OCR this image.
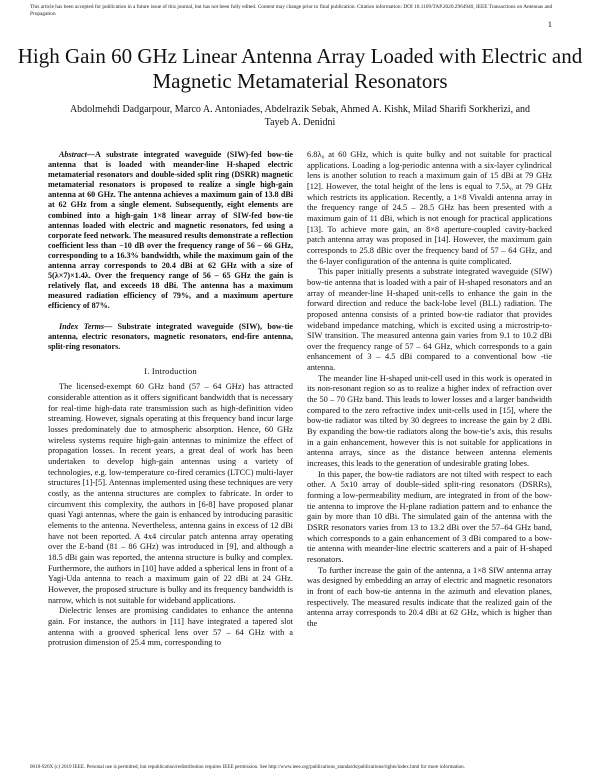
This article has been accepted for publication in a future issue of this journal, but has not been fully edited. Content may change prior to final publication. Citation information: DOI 10.1109/TAP.2020.2964940, IEEE Transactions on Antennas and Propagation
1
High Gain 60 GHz Linear Antenna Array Loaded with Electric and Magnetic Metamaterial Resonators
Abdolmehdi Dadgarpour, Marco A. Antoniades, Abdelrazik Sebak, Ahmed A. Kishk, Milad Sharifi Sorkherizi, and Tayeb A. Denidni

Abstract—A substrate integrated waveguide (SIW)-fed bow-tie antenna that is loaded with meander-line H-shaped electric metamaterial resonators and double-sided split ring (DSRR) magnetic metamaterial resonators is proposed to realize a single high-gain antenna at 60 GHz. The antenna achieves a maximum gain of 13.8 dBi at 62 GHz from a single element. Subsequently, eight elements are combined into a high-gain 1×8 linear array of SIW-fed bow-tie antennas loaded with electric and magnetic resonators, fed using a corporate feed network. The measured results demonstrate a reflection coefficient less than −10 dB over the frequency range of 56 – 66 GHz, corresponding to a 16.3% bandwidth, while the maximum gain of the antenna array corresponds to 20.4 dBi at 62 GHz with a size of 5(λ×7)×1.4λ. Over the frequency range of 56 – 65 GHz the gain is relatively flat, and exceeds 18 dBi. The antenna has a maximum measured radiation efficiency of 79%, and a maximum aperture efficiency of 87%.

Index Terms— Substrate integrated waveguide (SIW), bow-tie antenna, electric resonators, magnetic resonators, end-fire antenna, split-ring resonators.

I. Introduction

The licensed-exempt 60 GHz band (57 – 64 GHz) has attracted considerable attention as it offers significant bandwidth that is necessary for real-time high-data rate transmission such as high-definition video streaming. However, signals operating at this frequency band incur large losses predominately due to atmospheric absorption. Hence, 60 GHz wireless systems require high-gain antennas to minimize the effect of propagation losses. In recent years, a great deal of work has been undertaken to develop high-gain antennas using a variety of technologies, e.g. low-temperature co-fired ceramics (LTCC) multi-layer structures [1]-[5]. Antennas implemented using these techniques are very costly, as the antenna structures are complex to fabricate. In order to circumvent this complexity, the authors in [6-8] have proposed planar quasi Yagi antennas, where the gain is enhanced by introducing parasitic elements to the antenna. Nevertheless, antenna gains in excess of 12 dBi have not been reported. A 4x4 circular patch antenna array operating over the E-band (81 – 86 GHz) was introduced in [9], and although a 18.5 dBi gain was reported, the antenna structure is bulky and complex. Furthermore, the authors in [10] have added a spherical lens in front of a Yagi-Uda antenna to reach a maximum gain of 22 dBi at 24 GHz. However, the proposed structure is bulky and its frequency bandwidth is narrow, which is not suitable for wideband applications.

Dielectric lenses are promising candidates to enhance the antenna gain. For instance, the authors in [11] have integrated a tapered slot antenna with a grooved spherical lens over 57 – 64 GHz with a protrusion dimension of 25.4 mm, corresponding to

6.8λ₀ at 60 GHz, which is quite bulky and not suitable for practical applications. Loading a log-periodic antenna with a six-layer cylindrical lens is another solution to reach a maximum gain of 15 dBi at 79 GHz [12]. However, the total height of the lens is equal to 7.5λ₀ at 79 GHz which restricts its application. Recently, a 1×8 Vivaldi antenna array in the frequency range of 24.5 – 28.5 GHz has been presented with a maximum gain of 11 dBi, which is not enough for practical applications [13]. To achieve more gain, an 8×8 aperture-coupled cavity-backed patch antenna array was proposed in [14]. However, the maximum gain corresponds to 25.8 dBic over the frequency band of 57 – 64 GHz, and the 6-layer configuration of the antenna is quite complicated.

This paper initially presents a substrate integrated waveguide (SIW) bow-tie antenna that is loaded with a pair of H-shaped resonators and an array of meander-line H-shaped unit-cells to enhance the gain in the forward direction and reduce the back-lobe level (BLL) radiation. The proposed antenna consists of a printed bow-tie radiator that provides wideband impedance matching, which is excited using a microstrip-to-SIW transition. The measured antenna gain varies from 9.1 to 10.2 dBi over the frequency range of 57 – 64 GHz, which corresponds to a gain enhancement of 3 – 4.5 dBi compared to a conventional bow -tie antenna.

The meander line H-shaped unit-cell used in this work is operated in its non-resonant region so as to realize a higher index of refraction over the 50 – 70 GHz band. This leads to lower losses and a larger bandwidth compared to the zero refractive index unit-cells used in [15], where the bow-tie radiator was tilted by 30 degrees to increase the gain by 2 dBi. By expanding the bow-tie radiators along the bow-tie’s axis, this results in a gain enhancement, however this is not suitable for applications in antenna arrays, since as the distance between antenna elements increases, this leads to the generation of undesirable grating lobes.

In this paper, the bow-tie radiators are not tilted with respect to each other. A 5x10 array of double-sided split-ring resonators (DSRRs), forming a low-permeability medium, are integrated in front of the bow-tie antenna to improve the H-plane radiation pattern and to enhance the gain by more than 10 dBi. The simulated gain of the antenna with the DSRR resonators varies from 13 to 13.2 dBi over the 57–64 GHz band, which corresponds to a gain enhancement of 3 dBi compared to a bow-tie antenna with meander-line electric scatterers and a pair of H-shaped resonators.

To further increase the gain of the antenna, a 1×8 SIW antenna array was designed by embedding an array of electric and magnetic resonators in front of each bow-tie antenna in the azimuth and elevation planes, respectively. The measured results indicate that the realized gain of the antenna array corresponds to 20.4 dBi at 62 GHz, which is higher than the

0018-926X (c) 2019 IEEE. Personal use is permitted, but republication/redistribution requires IEEE permission. See http://www.ieee.org/publications_standards/publications/rights/index.html for more information.
